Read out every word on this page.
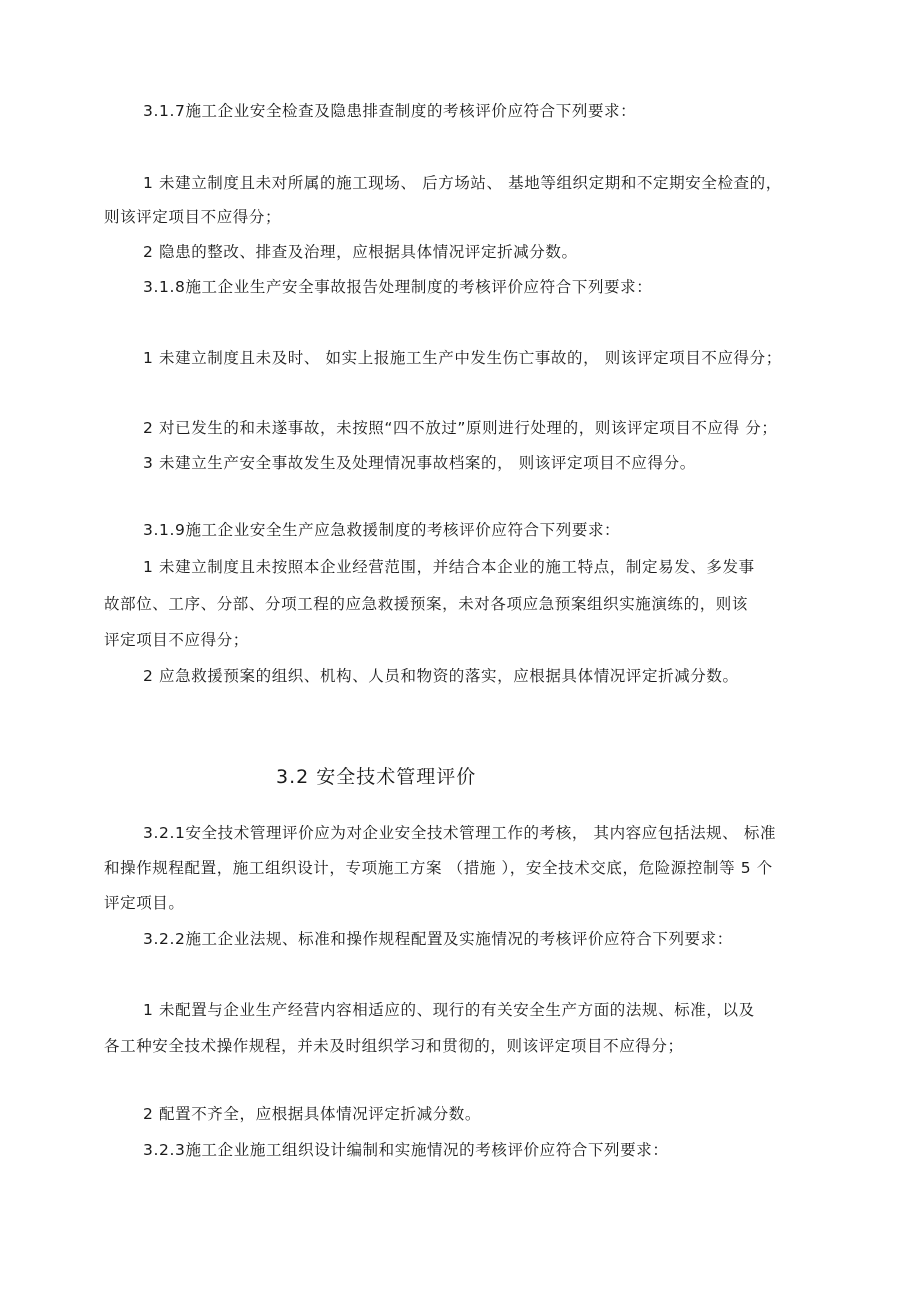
3.1.7施工企业安全检查及隐患排查制度的考核评价应符合下列要求：

1 未建立制度且未对所属的施工现场、 后方场站、 基地等组织定期和不定期安全检查的，

则该评定项目不应得分；

2 隐患的整改、排查及治理，应根据具体情况评定折减分数。

3.1.8施工企业生产安全事故报告处理制度的考核评价应符合下列要求：

1 未建立制度且未及时、 如实上报施工生产中发生伤亡事故的， 则该评定项目不应得分；

2 对已发生的和未遂事故，未按照“四不放过”原则进行处理的，则该评定项目不应得 分；

3 未建立生产安全事故发生及处理情况事故档案的， 则该评定项目不应得分。

3.1.9施工企业安全生产应急救援制度的考核评价应符合下列要求：

1 未建立制度且未按照本企业经营范围，并结合本企业的施工特点，制定易发、多发事

故部位、工序、分部、分项工程的应急救援预案，未对各项应急预案组织实施演练的，则该

评定项目不应得分；

2 应急救援预案的组织、机构、人员和物资的落实，应根据具体情况评定折减分数。

3.2 安全技术管理评价

3.2.1安全技术管理评价应为对企业安全技术管理工作的考核， 其内容应包括法规、 标准

和操作规程配置，施工组织设计，专项施工方案 （措施 ），安全技术交底，危险源控制等 5 个

评定项目。

3.2.2施工企业法规、标准和操作规程配置及实施情况的考核评价应符合下列要求：

1 未配置与企业生产经营内容相适应的、现行的有关安全生产方面的法规、标准，以及

各工种安全技术操作规程，并未及时组织学习和贯彻的，则该评定项目不应得分；

2 配置不齐全，应根据具体情况评定折减分数。

3.2.3施工企业施工组织设计编制和实施情况的考核评价应符合下列要求：
